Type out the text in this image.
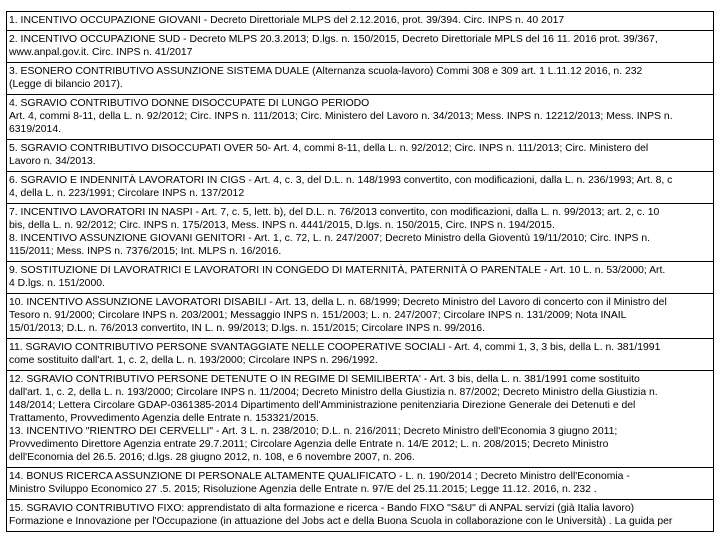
1. INCENTIVO OCCUPAZIONE GIOVANI - Decreto Direttoriale MLPS del 2.12.2016, prot. 39/394. Circ. INPS n. 40 2017
2. INCENTIVO OCCUPAZIONE SUD - Decreto MLPS 20.3.2013; D.lgs. n. 150/2015, Decreto Direttoriale MPLS del 16 11. 2016 prot. 39/367,
www.anpal.gov.it. Circ. INPS n. 41/2017
3. ESONERO CONTRIBUTIVO ASSUNZIONE SISTEMA DUALE (Alternanza scuola-lavoro) Commi 308 e 309 art. 1 L.11.12 2016, n. 232
(Legge di bilancio 2017).
4. SGRAVIO CONTRIBUTIVO DONNE DISOCCUPATE DI LUNGO PERIODO
Art. 4, commi 8-11, della L. n. 92/2012; Circ. INPS n. 111/2013; Circ. Ministero del Lavoro n. 34/2013; Mess. INPS n. 12212/2013; Mess. INPS n.
6319/2014.
5. SGRAVIO CONTRIBUTIVO DISOCCUPATI OVER 50- Art. 4, commi 8-11, della L. n. 92/2012; Circ. INPS n. 111/2013; Circ. Ministero del
Lavoro n. 34/2013.
6. SGRAVIO E INDENNITÀ LAVORATORI IN CIGS - Art. 4, c. 3, del D.L. n. 148/1993 convertito, con modificazioni, dalla L. n. 236/1993; Art. 8, c
4, della L. n. 223/1991; Circolare INPS n. 137/2012
7. INCENTIVO LAVORATORI IN NASPI - Art. 7, c. 5, lett. b), del D.L. n. 76/2013 convertito, con modificazioni, dalla L. n. 99/2013; art. 2, c. 10
bis, della L. n. 92/2012; Circ. INPS n. 175/2013, Mess. INPS n. 4441/2015, D.lgs. n. 150/2015, Circ. INPS n. 194/2015.
8. INCENTIVO ASSUNZIONE GIOVANI GENITORI - Art. 1, c. 72, L. n. 247/2007; Decreto Ministro della Gioventù 19/11/2010; Circ. INPS n.
115/2011; Mess. INPS n. 7376/2015; Int. MLPS n. 16/2016.
9. SOSTITUZIONE DI LAVORATRICI E LAVORATORI IN CONGEDO DI MATERNITÀ, PATERNITÀ O PARENTALE - Art. 10 L. n. 53/2000; Art.
4 D.lgs. n. 151/2000.
10. INCENTIVO ASSUNZIONE LAVORATORI DISABILI - Art. 13, della L. n. 68/1999; Decreto Ministro del Lavoro di concerto con il Ministro del
Tesoro n. 91/2000; Circolare INPS n. 203/2001; Messaggio INPS n. 151/2003; L. n. 247/2007; Circolare INPS n. 131/2009; Nota INAIL
15/01/2013; D.L. n. 76/2013 convertito, IN L. n. 99/2013; D.lgs. n. 151/2015; Circolare INPS n. 99/2016.
11. SGRAVIO CONTRIBUTIVO PERSONE SVANTAGGIATE NELLE COOPERATIVE SOCIALI - Art. 4, commi 1, 3, 3 bis, della L. n. 381/1991
come sostituito dall'art. 1, c. 2, della L. n. 193/2000; Circolare INPS n. 296/1992.
12. SGRAVIO CONTRIBUTIVO PERSONE DETENUTE O IN REGIME DI SEMILIBERTA' - Art. 3 bis, della L. n. 381/1991 come sostituito
dall'art. 1, c. 2, della L. n. 193/2000; Circolare INPS n. 11/2004; Decreto Ministro della Giustizia n. 87/2002; Decreto Ministro della Giustizia n.
148/2014; Lettera Circolare GDAP-0361385-2014 Dipartimento dell'Amministrazione penitenziaria Direzione Generale dei Detenuti e del
Trattamento, Provvedimento Agenzia delle Entrate n. 153321/2015.
13. INCENTIVO "RIENTRO DEI CERVELLI" - Art. 3 L. n. 238/2010; D.L. n. 216/2011; Decreto Ministro dell'Economia 3 giugno 2011;
Provvedimento Direttore Agenzia entrate 29.7.2011; Circolare Agenzia delle Entrate n. 14/E 2012; L. n. 208/2015; Decreto Ministro
dell'Economia del 26.5. 2016; d.lgs. 28 giugno 2012, n. 108, e 6 novembre 2007, n. 206.
14. BONUS RICERCA ASSUNZIONE DI PERSONALE ALTAMENTE QUALIFICATO - L. n. 190/2014 ; Decreto Ministro dell'Economia -
Ministro Sviluppo Economico 27 .5. 2015; Risoluzione Agenzia delle Entrate n. 97/E del 25.11.2015; Legge 11.12. 2016, n. 232 .
15. SGRAVIO CONTRIBUTIVO FIXO: apprendistato di alta formazione e ricerca - Bando FIXO "S&U" di ANPAL servizi (già Italia lavoro)
Formazione e Innovazione per l'Occupazione (in attuazione del Jobs act e della Buona Scuola in collaborazione con le Università) . La guida per
